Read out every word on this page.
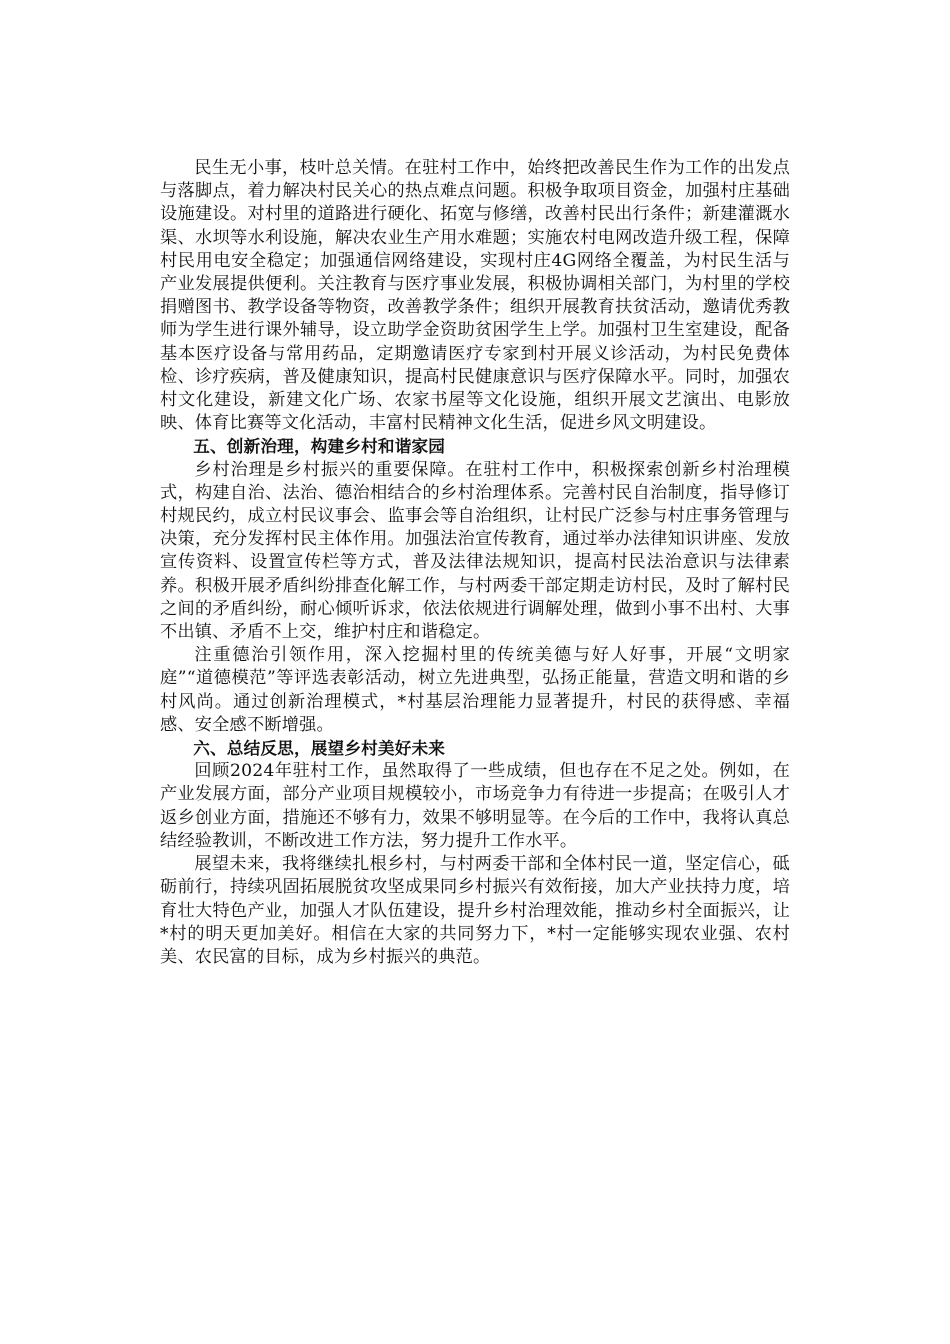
民生无小事，枝叶总关情。在驻村工作中，始终把改善民生作为工作的出发点与落脚点，着力解决村民关心的热点难点问题。积极争取项目资金，加强村庄基础设施建设。对村里的道路进行硬化、拓宽与修缮，改善村民出行条件；新建灌溉水渠、水坝等水利设施，解决农业生产用水难题；实施农村电网改造升级工程，保障村民用电安全稳定；加强通信网络建设，实现村庄4G网络全覆盖，为村民生活与产业发展提供便利。关注教育与医疗事业发展，积极协调相关部门，为村里的学校捐赠图书、教学设备等物资，改善教学条件；组织开展教育扶贫活动，邀请优秀教师为学生进行课外辅导，设立助学金资助贫困学生上学。加强村卫生室建设，配备基本医疗设备与常用药品，定期邀请医疗专家到村开展义诊活动，为村民免费体检、诊疗疾病，普及健康知识，提高村民健康意识与医疗保障水平。同时，加强农村文化建设，新建文化广场、农家书屋等文化设施，组织开展文艺演出、电影放映、体育比赛等文化活动，丰富村民精神文化生活，促进乡风文明建设。

五、创新治理，构建乡村和谐家园

乡村治理是乡村振兴的重要保障。在驻村工作中，积极探索创新乡村治理模式，构建自治、法治、德治相结合的乡村治理体系。完善村民自治制度，指导修订村规民约，成立村民议事会、监事会等自治组织，让村民广泛参与村庄事务管理与决策，充分发挥村民主体作用。加强法治宣传教育，通过举办法律知识讲座、发放宣传资料、设置宣传栏等方式，普及法律法规知识，提高村民法治意识与法律素养。积极开展矛盾纠纷排查化解工作，与村两委干部定期走访村民，及时了解村民之间的矛盾纠纷，耐心倾听诉求，依法依规进行调解处理，做到小事不出村、大事不出镇、矛盾不上交，维护村庄和谐稳定。

注重德治引领作用，深入挖掘村里的传统美德与好人好事，开展“文明家庭”“道德模范”等评选表彰活动，树立先进典型，弘扬正能量，营造文明和谐的乡村风尚。通过创新治理模式，*村基层治理能力显著提升，村民的获得感、幸福感、安全感不断增强。

六、总结反思，展望乡村美好未来

回顾2024年驻村工作，虽然取得了一些成绩，但也存在不足之处。例如，在产业发展方面，部分产业项目规模较小，市场竞争力有待进一步提高；在吸引人才返乡创业方面，措施还不够有力，效果不够明显等。在今后的工作中，我将认真总结经验教训，不断改进工作方法，努力提升工作水平。

展望未来，我将继续扎根乡村，与村两委干部和全体村民一道，坚定信心，砥砺前行，持续巩固拓展脱贫攻坚成果同乡村振兴有效衔接，加大产业扶持力度，培育壮大特色产业，加强人才队伍建设，提升乡村治理效能，推动乡村全面振兴，让*村的明天更加美好。相信在大家的共同努力下，*村一定能够实现农业强、农村美、农民富的目标，成为乡村振兴的典范。
